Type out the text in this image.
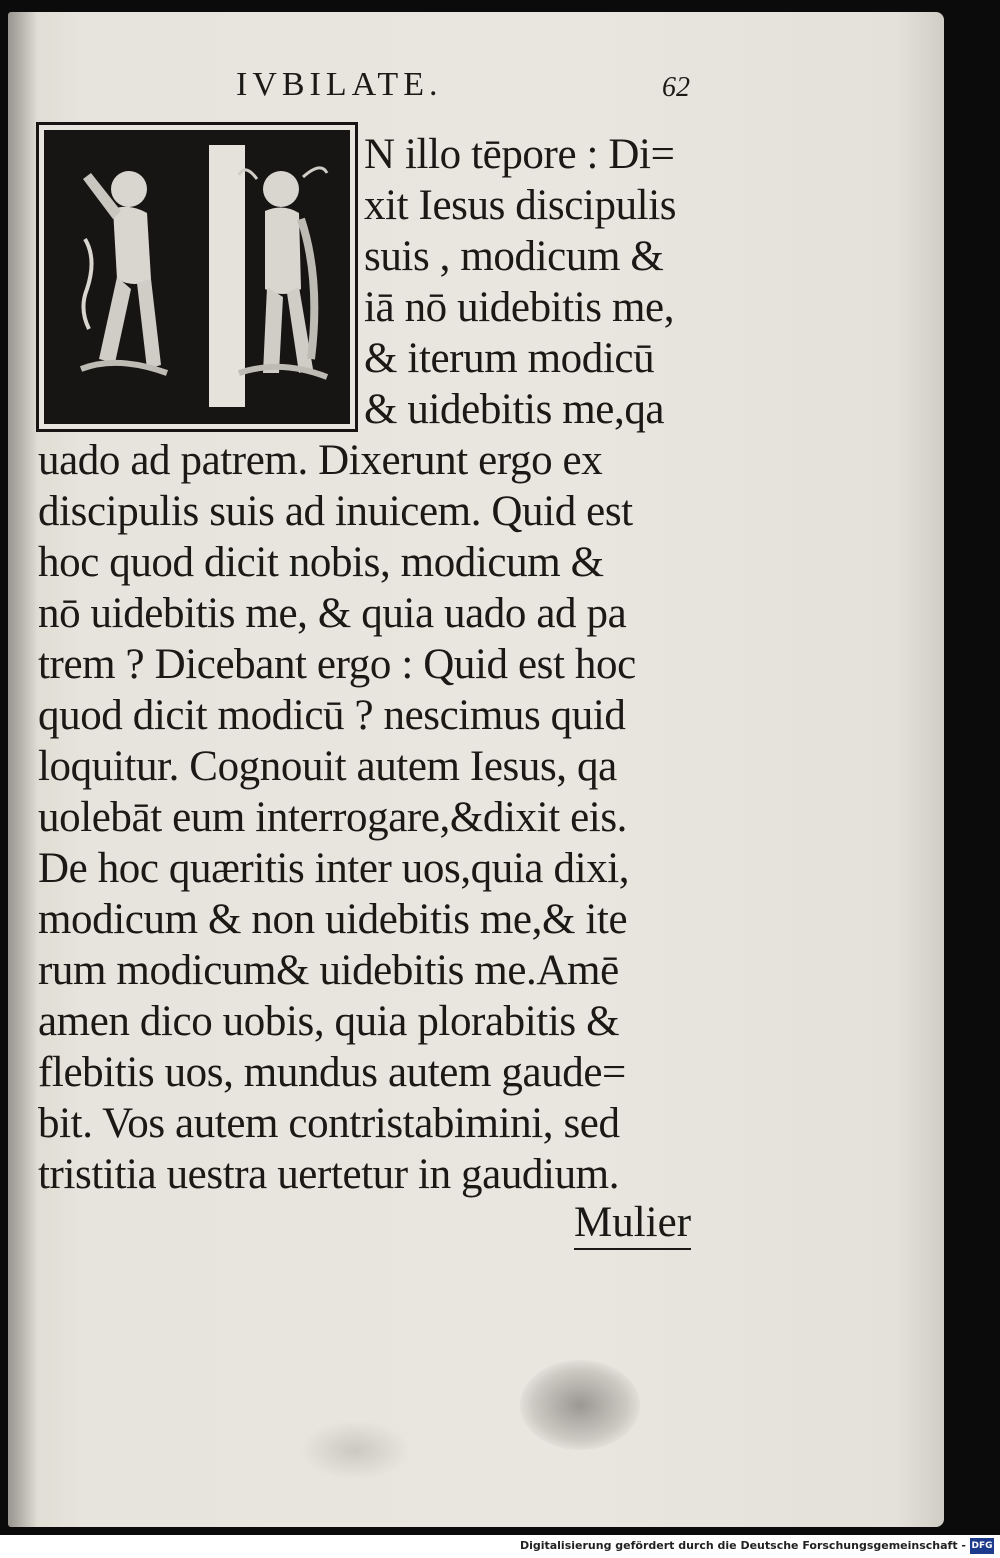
IVBILATE.	62
N illo tēpore : Di=
xit Iesus discipulis
suis , modicum &
iā nō uidebitis me,
& iterum modicū
& uidebitis me,qa
uado ad patrem. Dixerunt ergo ex
discipulis suis ad inuicem. Quid est
hoc quod dicit nobis, modicum &
nō uidebitis me, & quia uado ad pa
trem ? Dicebant ergo : Quid est hoc
quod dicit modicū ? nescimus quid
loquitur. Cognouit autem Iesus, qa
uolebāt eum interrogare,&dixit eis.
De hoc quæritis inter uos,quia dixi,
modicum & non uidebitis me,& ite
rum modicum& uidebitis me.Amē
amen dico uobis, quia plorabitis &
flebitis uos, mundus autem gaude=
bit. Vos autem contristabimini, sed
tristitia uestra uertetur in gaudium.
Mulier
Digitalisierung gefördert durch die Deutsche Forschungsgemeinschaft - DFG
